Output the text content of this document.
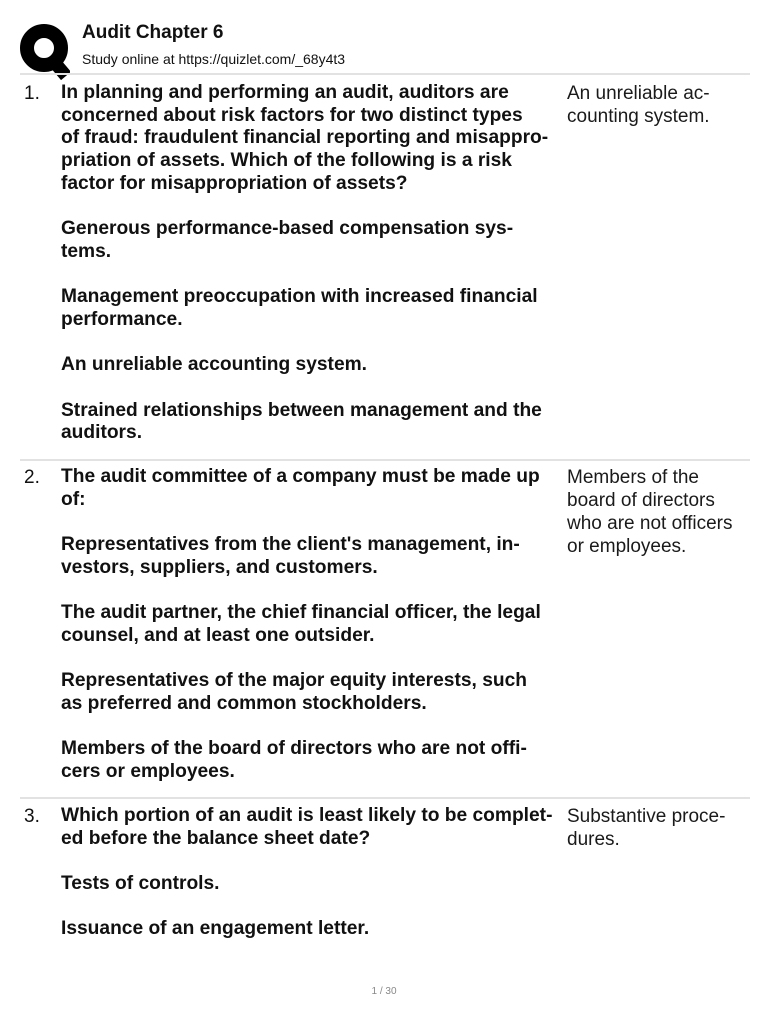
Audit Chapter 6
Study online at https://quizlet.com/_68y4t3
1. In planning and performing an audit, auditors are
concerned about risk factors for two distinct types
of fraud: fraudulent financial reporting and misappro-
priation of assets. Which of the following is a risk
factor for misappropriation of assets?
Generous performance-based compensation sys-
tems.
Management preoccupation with increased financial
performance.
An unreliable accounting system.
Strained relationships between management and the
auditors.
An unreliable ac-
counting system.
2. The audit committee of a company must be made up
of:
Representatives from the client's management, in-
vestors, suppliers, and customers.
The audit partner, the chief financial officer, the legal
counsel, and at least one outsider.
Representatives of the major equity interests, such
as preferred and common stockholders.
Members of the board of directors who are not offi-
cers or employees.
Members of the
board of directors
who are not officers
or employees.
3. Which portion of an audit is least likely to be complet-
ed before the balance sheet date?
Tests of controls.
Issuance of an engagement letter.
Substantive proce-
dures.
1 / 30
